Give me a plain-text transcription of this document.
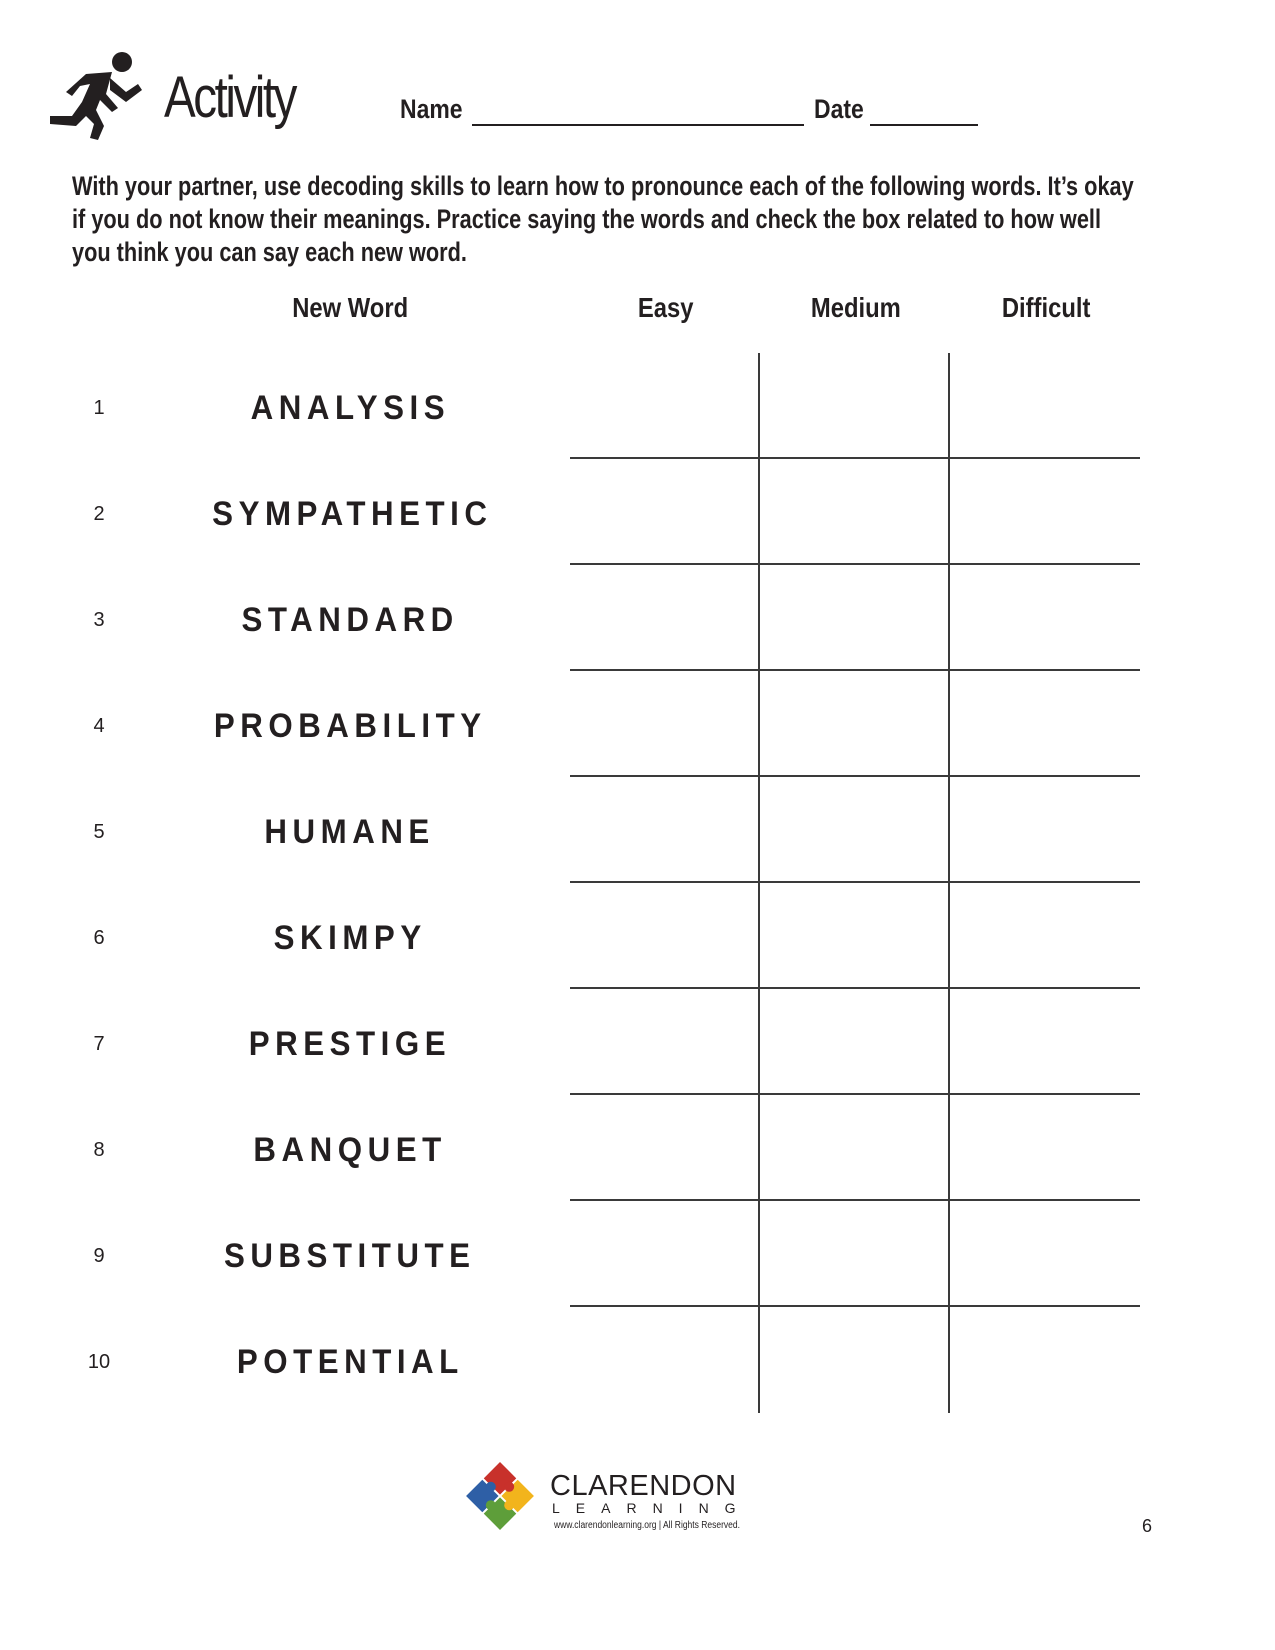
Activity	Name	Date

With your partner, use decoding skills to learn how to pronounce each of the following words. It’s okay if you do not know their meanings. Practice saying the words and check the box related to how well you think you can say each new word.

New Word	Easy	Medium	Difficult
1	ANALYSIS
2	SYMPATHETIC
3	STANDARD
4	PROBABILITY
5	HUMANE
6	SKIMPY
7	PRESTIGE
8	BANQUET
9	SUBSTITUTE
10	POTENTIAL
CLARENDON
LEARNING
www.clarendonlearning.org | All Rights Reserved.	6
